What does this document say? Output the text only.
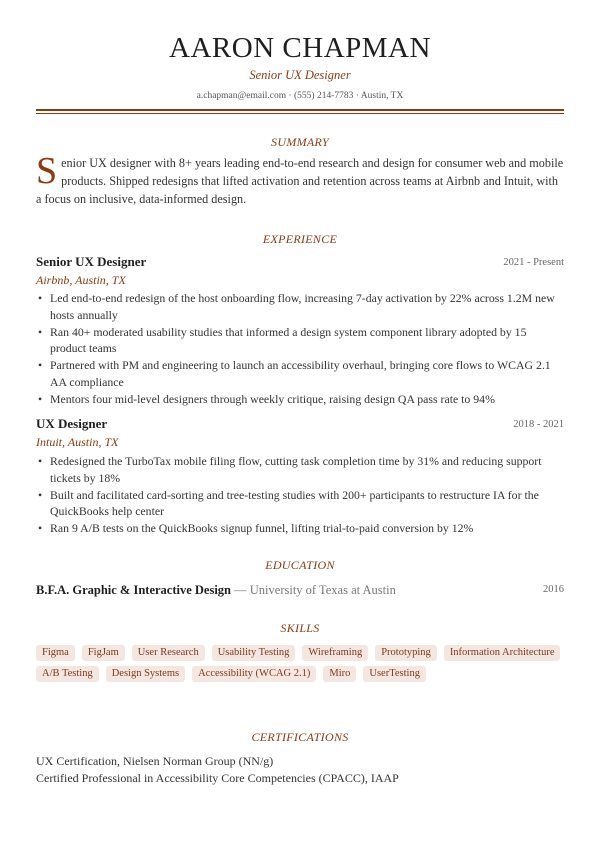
AARON CHAPMAN
Senior UX Designer
a.chapman@email.com · (555) 214-7783 · Austin, TX
SUMMARY
Senior UX designer with 8+ years leading end-to-end research and design for consumer web and mobile products. Shipped redesigns that lifted activation and retention across teams at Airbnb and Intuit, with a focus on inclusive, data-informed design.
EXPERIENCE
Senior UX Designer	2021 - Present
Airbnb, Austin, TX
• Led end-to-end redesign of the host onboarding flow, increasing 7-day activation by 22% across 1.2M new hosts annually
• Ran 40+ moderated usability studies that informed a design system component library adopted by 15 product teams
• Partnered with PM and engineering to launch an accessibility overhaul, bringing core flows to WCAG 2.1 AA compliance
• Mentors four mid-level designers through weekly critique, raising design QA pass rate to 94%
UX Designer	2018 - 2021
Intuit, Austin, TX
• Redesigned the TurboTax mobile filing flow, cutting task completion time by 31% and reducing support tickets by 18%
• Built and facilitated card-sorting and tree-testing studies with 200+ participants to restructure IA for the QuickBooks help center
• Ran 9 A/B tests on the QuickBooks signup funnel, lifting trial-to-paid conversion by 12%
EDUCATION
B.F.A. Graphic & Interactive Design — University of Texas at Austin	2016
SKILLS
Figma	FigJam	User Research	Usability Testing	Wireframing	Prototyping	Information Architecture
A/B Testing	Design Systems	Accessibility (WCAG 2.1)	Miro	UserTesting
CERTIFICATIONS
UX Certification, Nielsen Norman Group (NN/g)
Certified Professional in Accessibility Core Competencies (CPACC), IAAP
